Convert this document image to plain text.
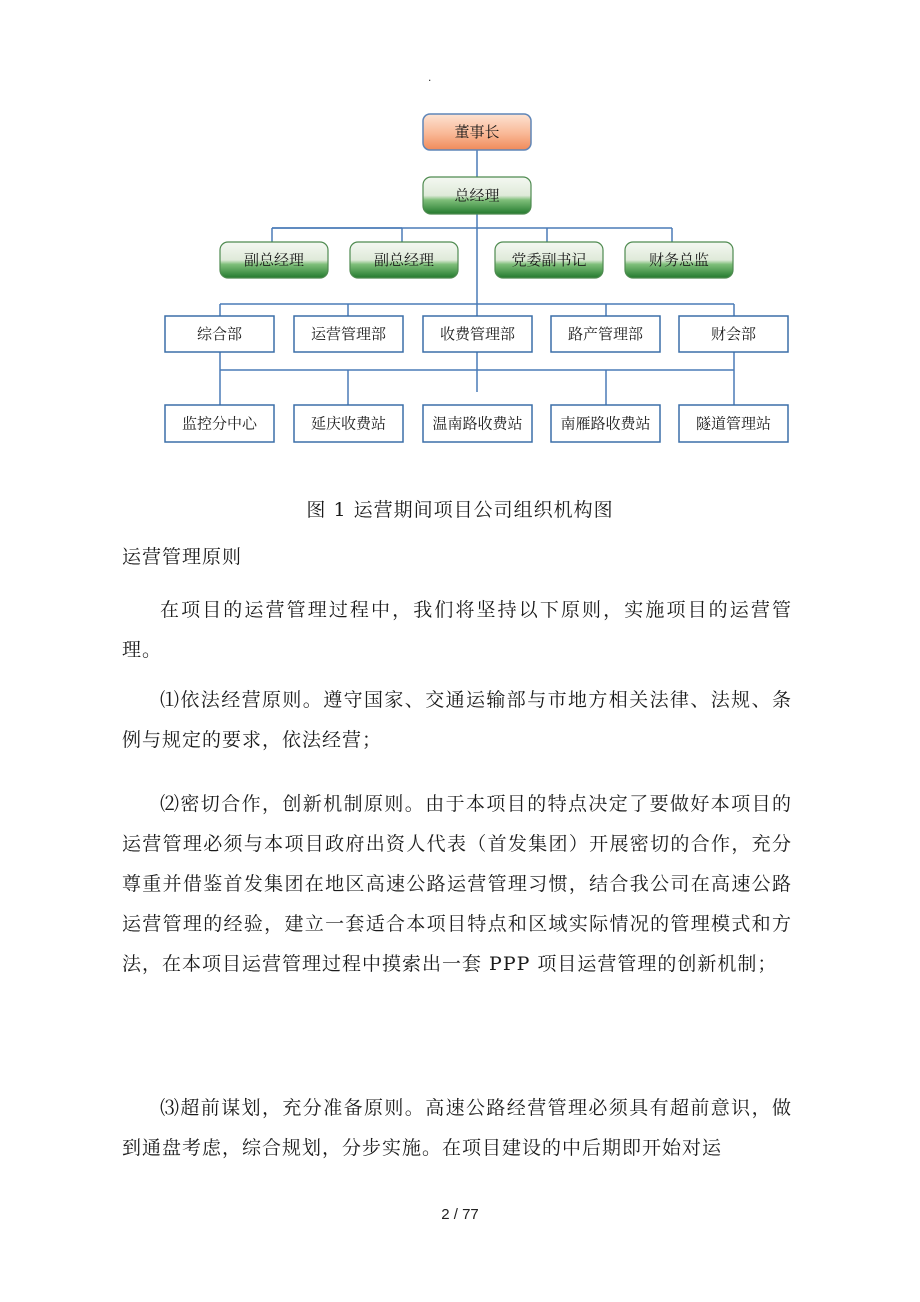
.
董事长
总经理
副总经理	副总经理	党委副书记	财务总监
综合部	运营管理部	收费管理部	路产管理部	财会部
监控分中心	延庆收费站	温南路收费站	南雁路收费站	隧道管理站
图 1 运营期间项目公司组织机构图

运营管理原则

在项目的运营管理过程中，我们将坚持以下原则，实施项目的运营管理。

⑴依法经营原则。遵守国家、交通运输部与市地方相关法律、法规、条例与规定的要求，依法经营；

⑵密切合作，创新机制原则。由于本项目的特点决定了要做好本项目的运营管理必须与本项目政府出资人代表（首发集团）开展密切的合作，充分尊重并借鉴首发集团在地区高速公路运营管理习惯，结合我公司在高速公路运营管理的经验，建立一套适合本项目特点和区域实际情况的管理模式和方法，在本项目运营管理过程中摸索出一套 PPP 项目运营管理的创新机制；

⑶超前谋划，充分准备原则。高速公路经营管理必须具有超前意识，做到通盘考虑，综合规划，分步实施。在项目建设的中后期即开始对运

2 / 77
